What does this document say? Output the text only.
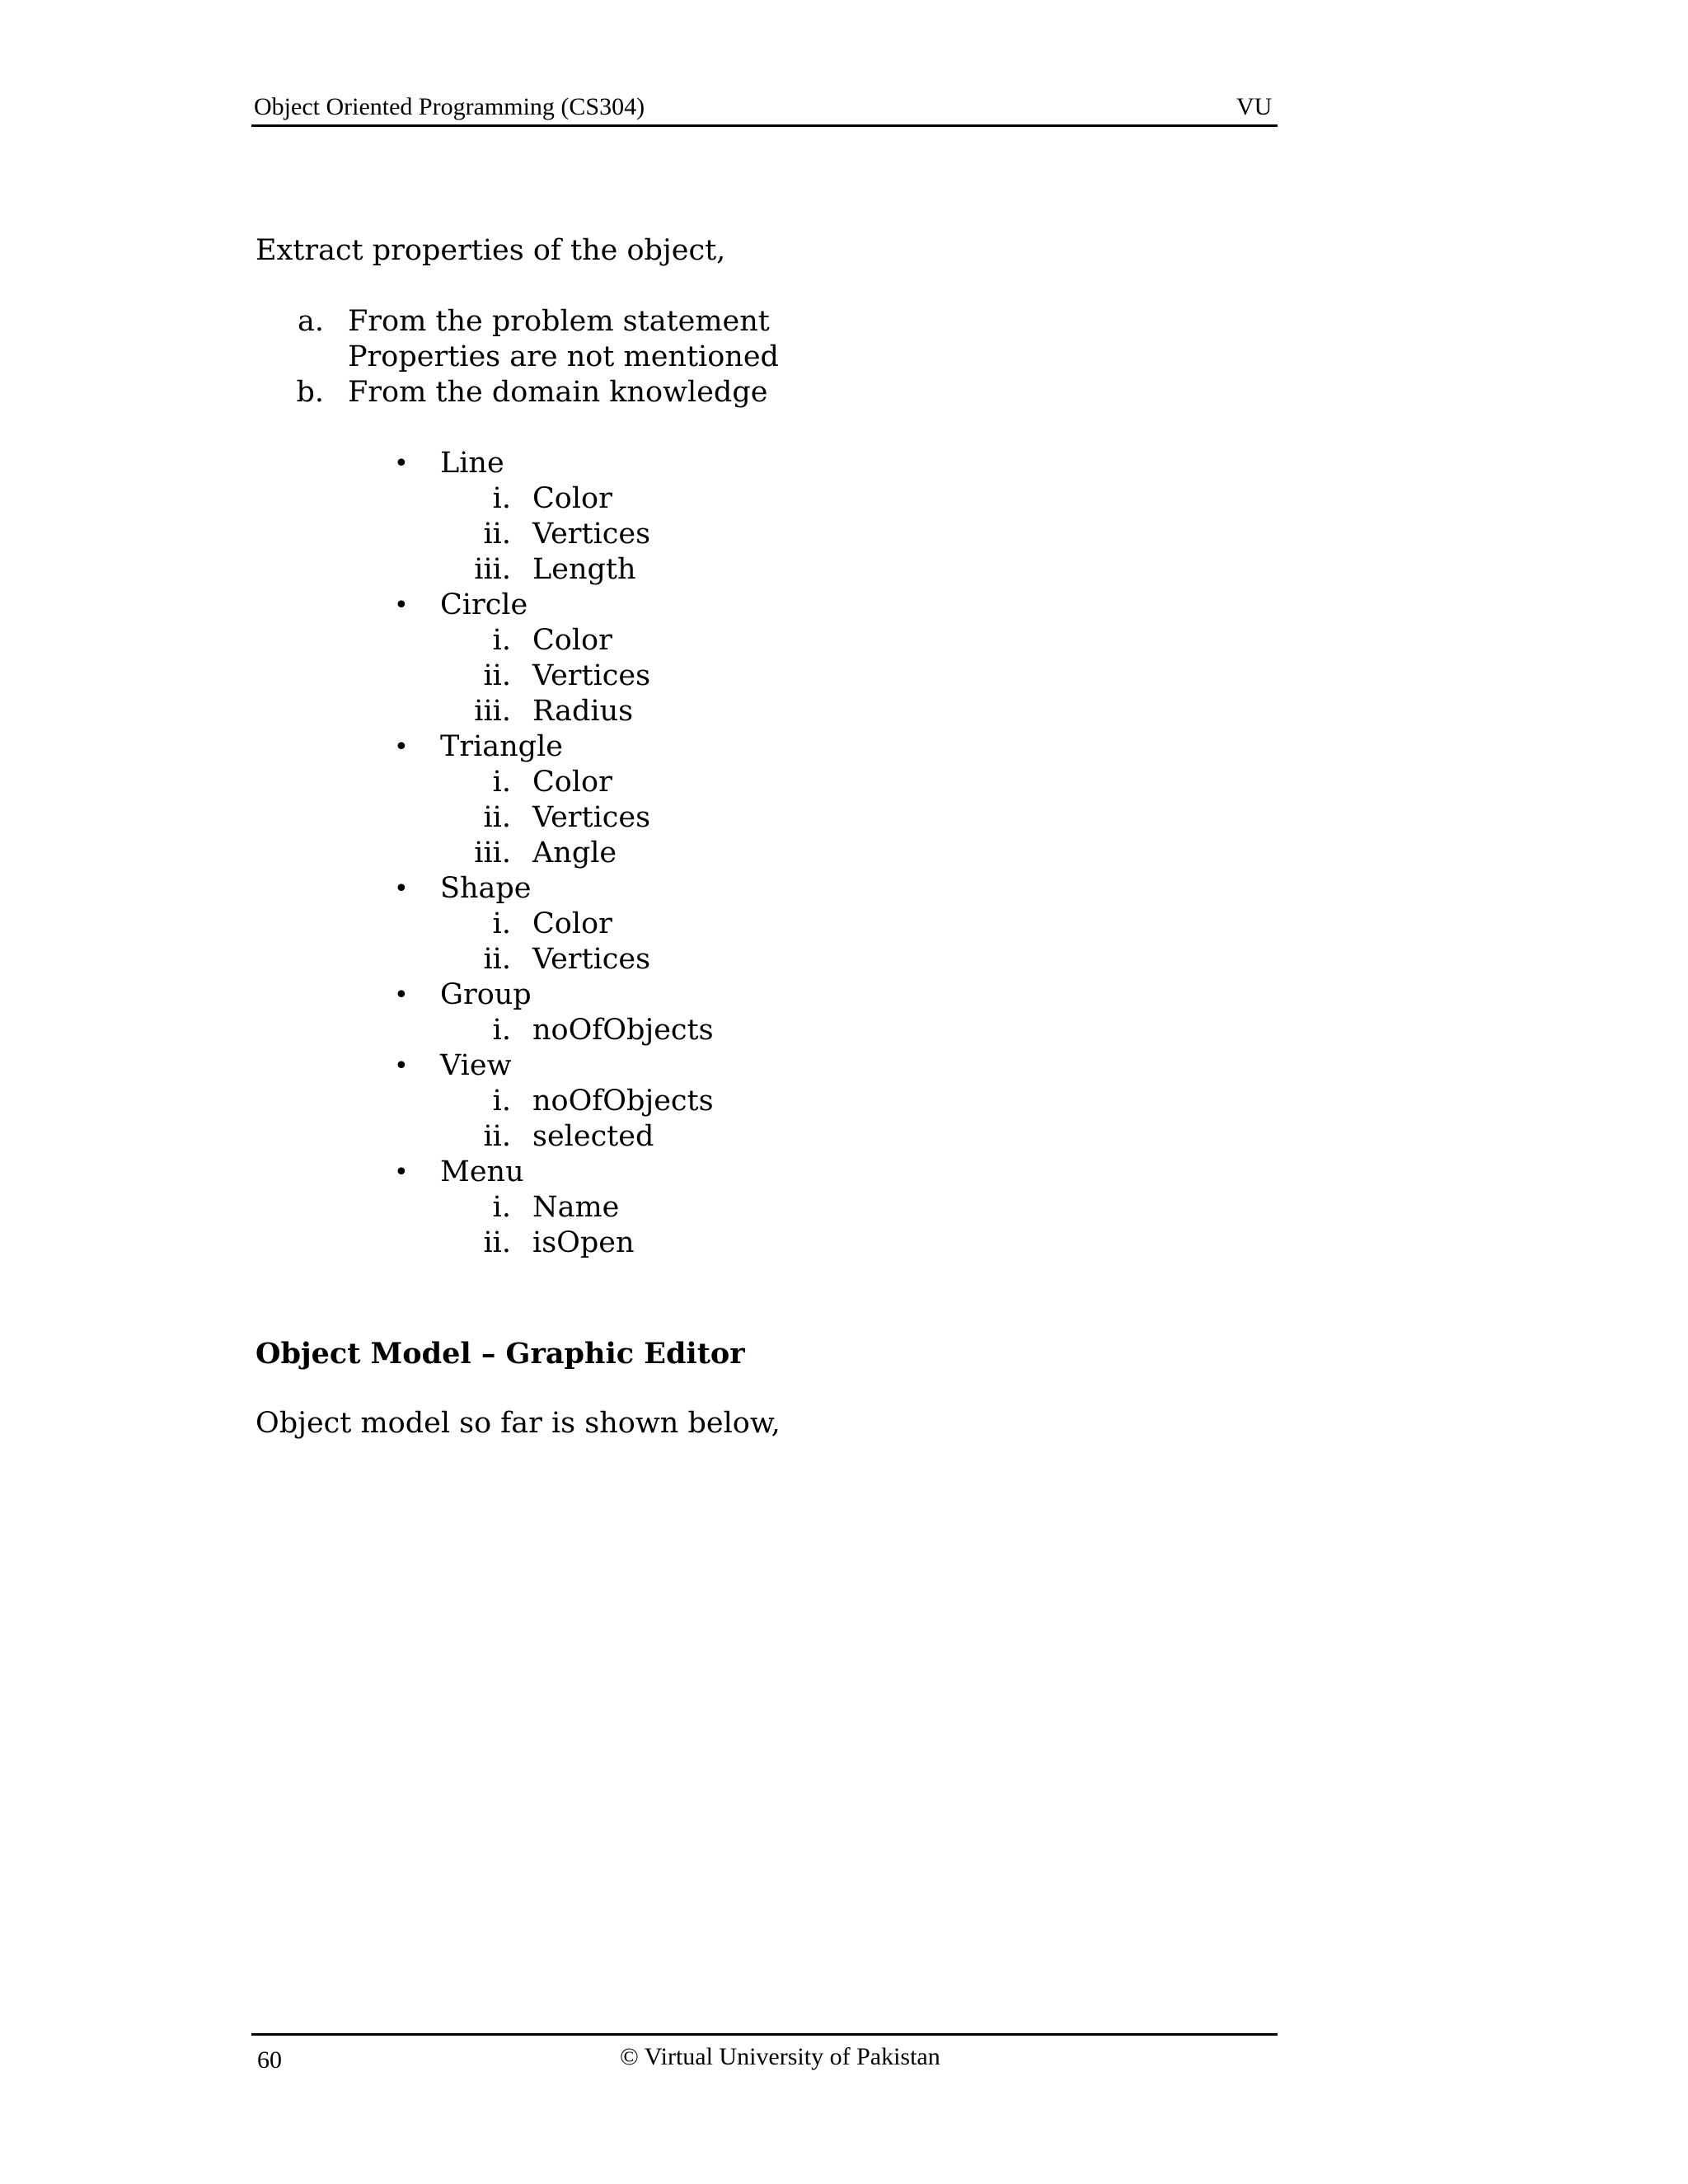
Object Oriented Programming (CS304)	VU
Extract properties of the object,
a. From the problem statement
Properties are not mentioned
b. From the domain knowledge
• Line
i. Color
ii. Vertices
iii. Length
• Circle
i. Color
ii. Vertices
iii. Radius
• Triangle
i. Color
ii. Vertices
iii. Angle
• Shape
i. Color
ii. Vertices
• Group
i. noOfObjects
• View
i. noOfObjects
ii. selected
• Menu
i. Name
ii. isOpen
Object Model – Graphic Editor
Object model so far is shown below,
60	© Virtual University of Pakistan
